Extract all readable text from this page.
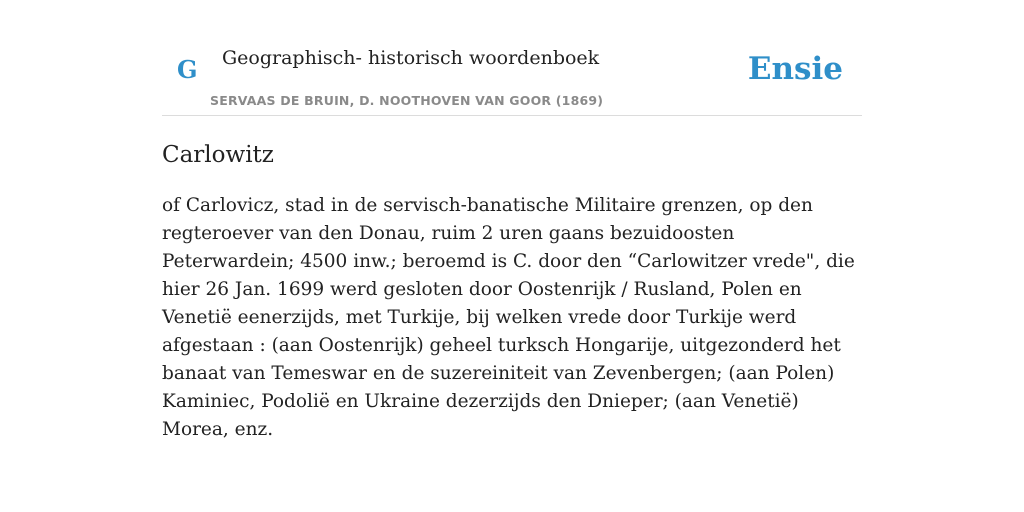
G Geographisch- historisch woordenboek
SERVAAS DE BRUIN, D. NOOTHOVEN VAN GOOR (1869)
Ensie
Carlowitz

of Carlovicz, stad in de servisch-banatische Militaire grenzen, op den regteroever van den Donau, ruim 2 uren gaans bezuidoosten Peterwardein; 4500 inw.; beroemd is C. door den “Carlowitzer vrede", die hier 26 Jan. 1699 werd gesloten door Oostenrijk / Rusland, Polen en Venetië eenerzijds, met Turkije, bij welken vrede door Turkije werd afgestaan : (aan Oostenrijk) geheel turksch Hongarije, uitgezonderd het banaat van Temeswar en de suzereiniteit van Zevenbergen; (aan Polen) Kaminiec, Podolië en Ukraine dezerzijds den Dnieper; (aan Venetië) Morea, enz.
